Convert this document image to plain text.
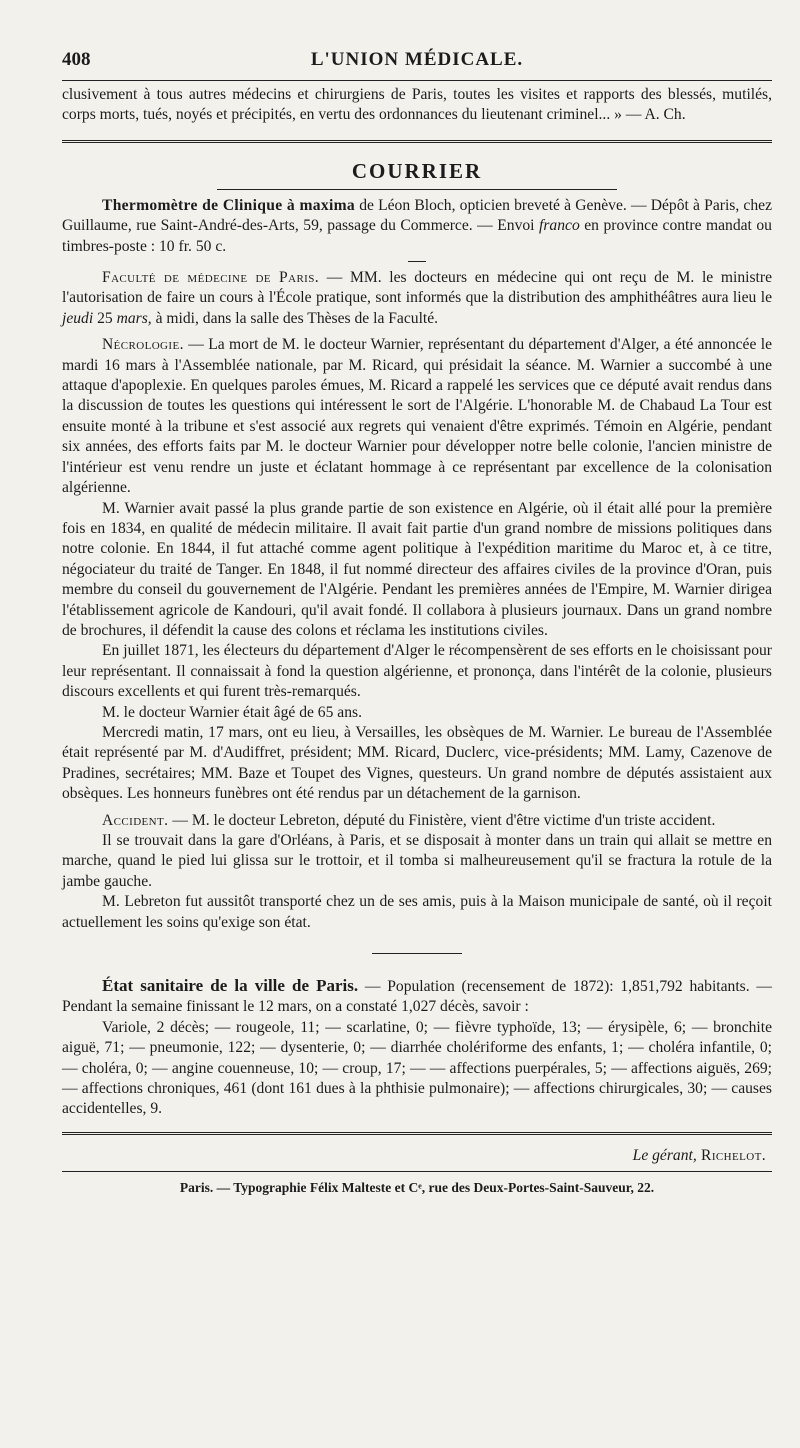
408	L'UNION MÉDICALE.

clusivement à tous autres médecins et chirurgiens de Paris, toutes les visites et rapports des blessés, mutilés, corps morts, tués, noyés et précipités, en vertu des ordonnances du lieutenant criminel... » — A. Ch.

COURRIER

Thermomètre de Clinique à maxima de Léon Bloch, opticien breveté à Genève. — Dépôt à Paris, chez Guillaume, rue Saint-André-des-Arts, 59, passage du Commerce. — Envoi franco en province contre mandat ou timbres-poste : 10 fr. 50 c.

Faculté de médecine de Paris. — MM. les docteurs en médecine qui ont reçu de M. le ministre l'autorisation de faire un cours à l'École pratique, sont informés que la distribution des amphithéâtres aura lieu le jeudi 25 mars, à midi, dans la salle des Thèses de la Faculté.

Nécrologie. — La mort de M. le docteur Warnier, représentant du département d'Alger, a été annoncée le mardi 16 mars à l'Assemblée nationale, par M. Ricard, qui présidait la séance. M. Warnier a succombé à une attaque d'apoplexie. En quelques paroles émues, M. Ricard a rappelé les services que ce député avait rendus dans la discussion de toutes les questions qui intéressent le sort de l'Algérie. L'honorable M. de Chabaud La Tour est ensuite monté à la tribune et s'est associé aux regrets qui venaient d'être exprimés. Témoin en Algérie, pendant six années, des efforts faits par M. le docteur Warnier pour développer notre belle colonie, l'ancien ministre de l'intérieur est venu rendre un juste et éclatant hommage à ce représentant par excellence de la colonisation algérienne.

M. Warnier avait passé la plus grande partie de son existence en Algérie, où il était allé pour la première fois en 1834, en qualité de médecin militaire. Il avait fait partie d'un grand nombre de missions politiques dans notre colonie. En 1844, il fut attaché comme agent politique à l'expédition maritime du Maroc et, à ce titre, négociateur du traité de Tanger. En 1848, il fut nommé directeur des affaires civiles de la province d'Oran, puis membre du conseil du gouvernement de l'Algérie. Pendant les premières années de l'Empire, M. Warnier dirigea l'établissement agricole de Kandouri, qu'il avait fondé. Il collabora à plusieurs journaux. Dans un grand nombre de brochures, il défendit la cause des colons et réclama les institutions civiles.

En juillet 1871, les électeurs du département d'Alger le récompensèrent de ses efforts en le choisissant pour leur représentant. Il connaissait à fond la question algérienne, et prononça, dans l'intérêt de la colonie, plusieurs discours excellents et qui furent très-remarqués.

M. le docteur Warnier était âgé de 65 ans.

Mercredi matin, 17 mars, ont eu lieu, à Versailles, les obsèques de M. Warnier. Le bureau de l'Assemblée était représenté par M. d'Audiffret, président; MM. Ricard, Duclerc, vice-présidents; MM. Lamy, Cazenove de Pradines, secrétaires; MM. Baze et Toupet des Vignes, questeurs. Un grand nombre de députés assistaient aux obsèques. Les honneurs funèbres ont été rendus par un détachement de la garnison.

Accident. — M. le docteur Lebreton, député du Finistère, vient d'être victime d'un triste accident.

Il se trouvait dans la gare d'Orléans, à Paris, et se disposait à monter dans un train qui allait se mettre en marche, quand le pied lui glissa sur le trottoir, et il tomba si malheureusement qu'il se fractura la rotule de la jambe gauche.

M. Lebreton fut aussitôt transporté chez un de ses amis, puis à la Maison municipale de santé, où il reçoit actuellement les soins qu'exige son état.

État sanitaire de la ville de Paris. — Population (recensement de 1872): 1,851,792 habitants. — Pendant la semaine finissant le 12 mars, on a constaté 1,027 décès, savoir :

Variole, 2 décès; — rougeole, 11; — scarlatine, 0; — fièvre typhoïde, 13; — érysipèle, 6; — bronchite aiguë, 71; — pneumonie, 122; — dysenterie, 0; — diarrhée cholériforme des enfants, 1; — choléra infantile, 0; — choléra, 0; — angine couenneuse, 10; — croup, 17; — — affections puerpérales, 5; — affections aiguës, 269; — affections chroniques, 461 (dont 161 dues à la phthisie pulmonaire); — affections chirurgicales, 30; — causes accidentelles, 9.

Le gérant, Richelot.
Paris. — Typographie Félix Malteste et Cᵉ, rue des Deux-Portes-Saint-Sauveur, 22.
